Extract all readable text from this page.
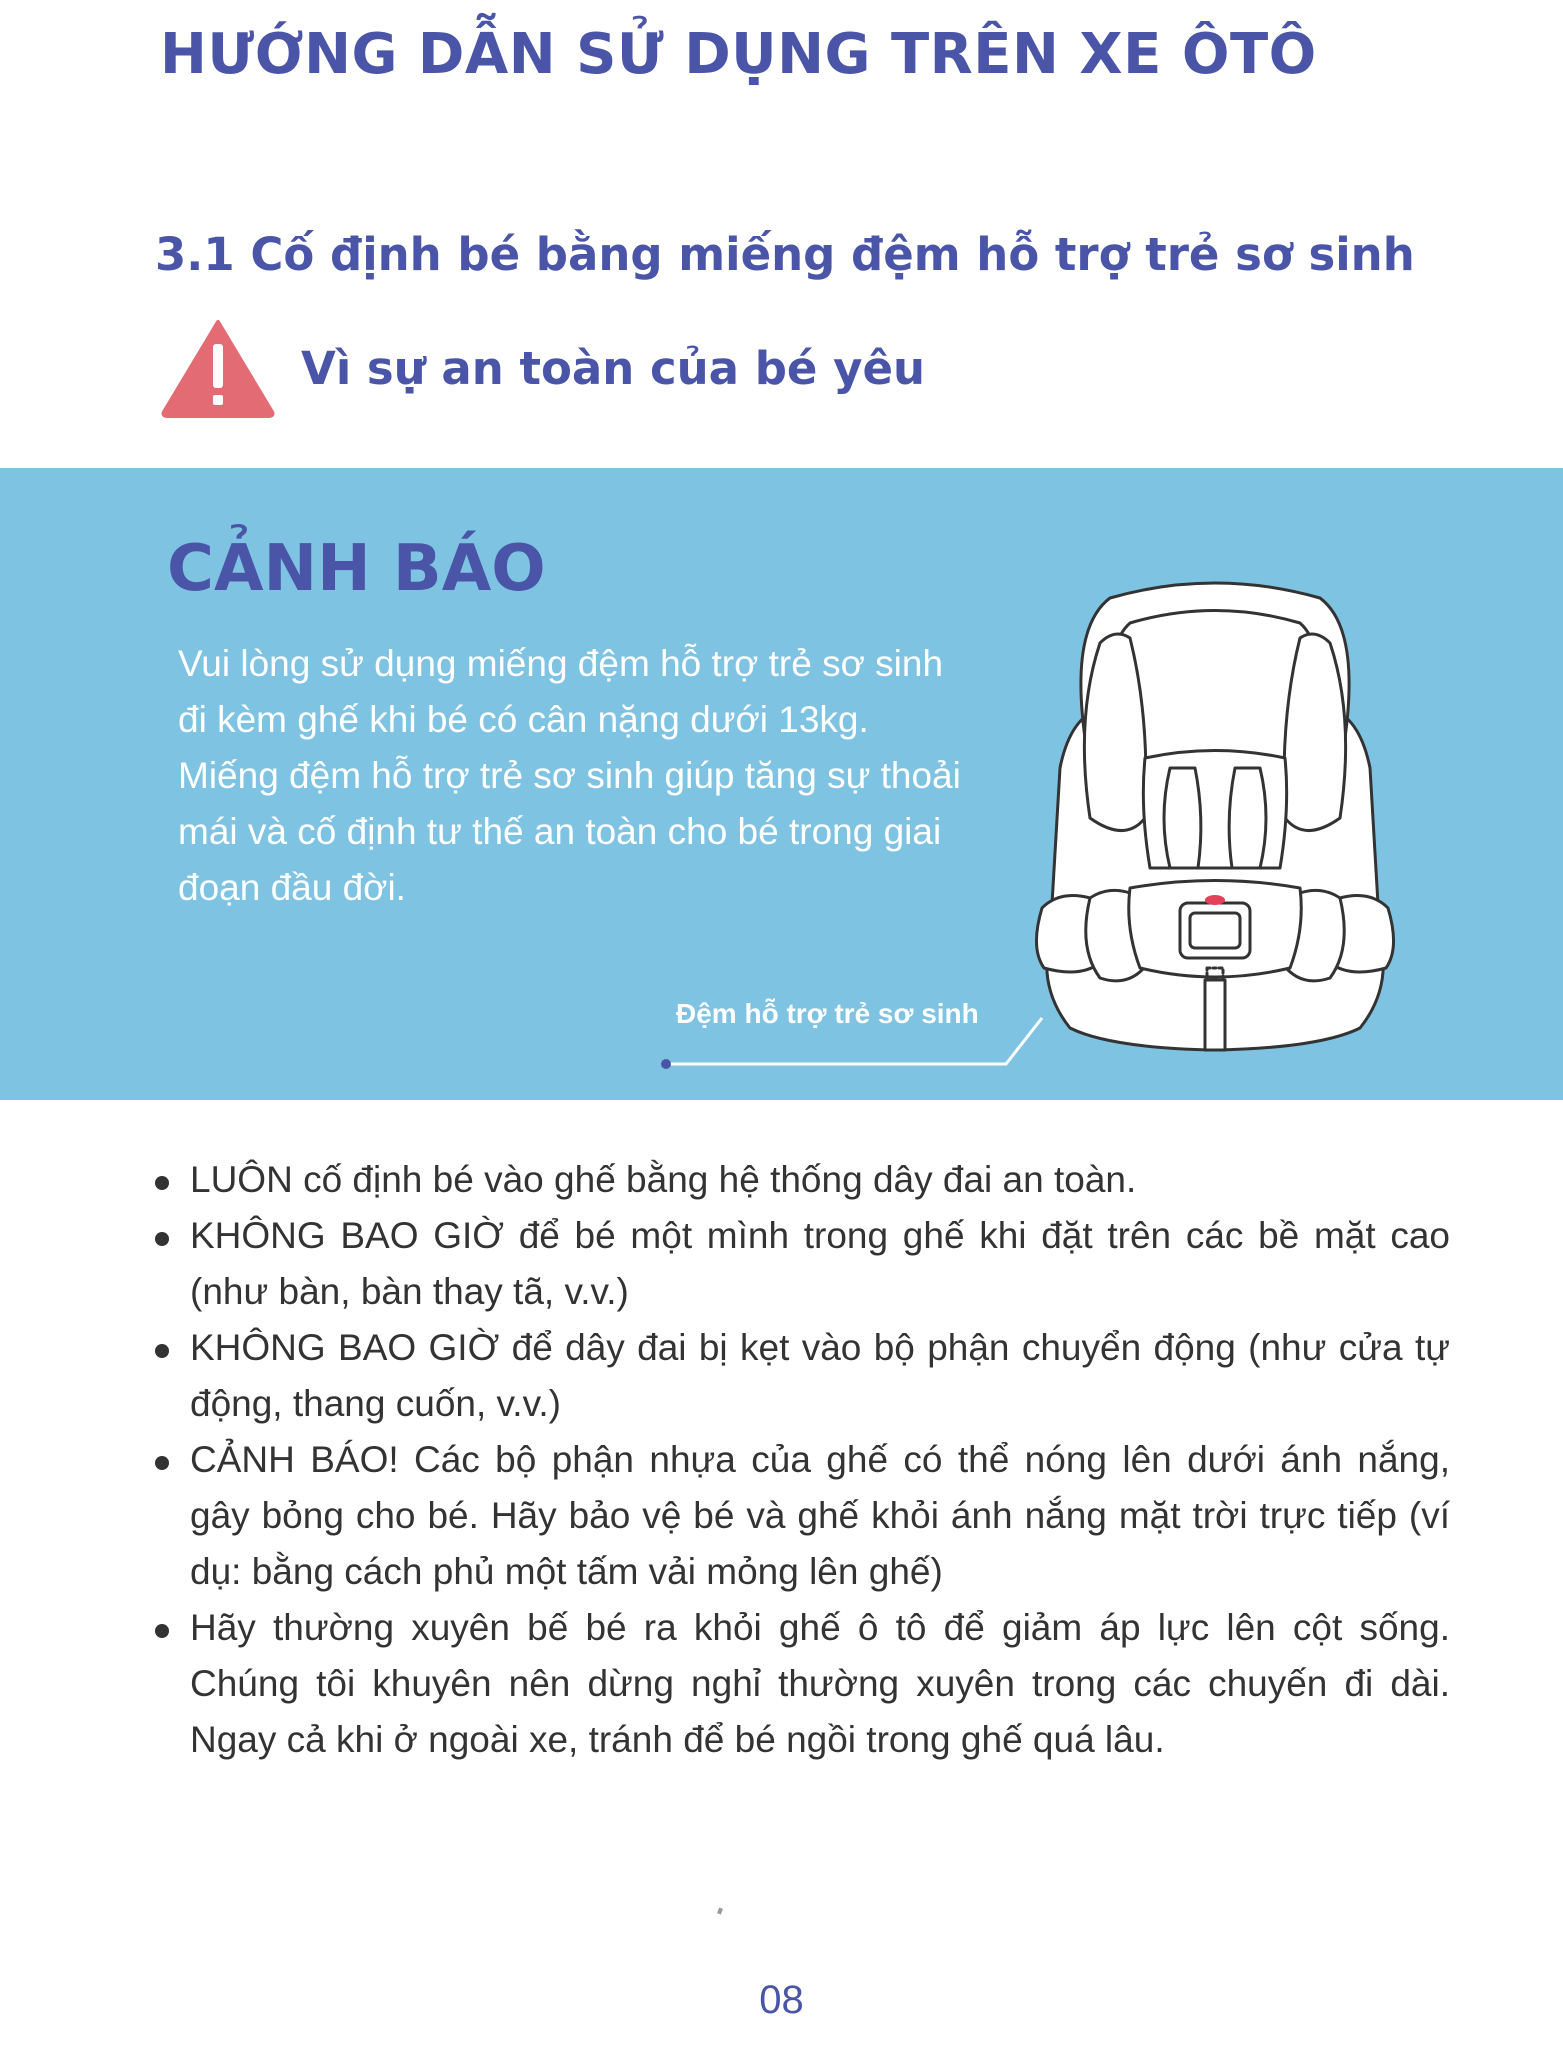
HƯỚNG DẪN SỬ DỤNG TRÊN XE ÔTÔ
3.1 Cố định bé bằng miếng đệm hỗ trợ trẻ sơ sinh
Vì sự an toàn của bé yêu
CẢNH BÁO

Vui lòng sử dụng miếng đệm hỗ trợ trẻ sơ sinh
đi kèm ghế khi bé có cân nặng dưới 13kg.
Miếng đệm hỗ trợ trẻ sơ sinh giúp tăng sự thoải
mái và cố định tư thế an toàn cho bé trong giai
đoạn đầu đời.

Đệm hỗ trợ trẻ sơ sinh
LUÔN cố định bé vào ghế bằng hệ thống dây đai an toàn.
KHÔNG BAO GIỜ để bé một mình trong ghế khi đặt trên các bề mặt cao
(như bàn, bàn thay tã, v.v.)
KHÔNG BAO GIỜ để dây đai bị kẹt vào bộ phận chuyển động (như cửa tự
động, thang cuốn, v.v.)
CẢNH BÁO! Các bộ phận nhựa của ghế có thể nóng lên dưới ánh nắng,
gây bỏng cho bé. Hãy bảo vệ bé và ghế khỏi ánh nắng mặt trời trực tiếp (ví
dụ: bằng cách phủ một tấm vải mỏng lên ghế)
Hãy thường xuyên bế bé ra khỏi ghế ô tô để giảm áp lực lên cột sống.
Chúng tôi khuyên nên dừng nghỉ thường xuyên trong các chuyến đi dài.
Ngay cả khi ở ngoài xe, tránh để bé ngồi trong ghế quá lâu.
08
